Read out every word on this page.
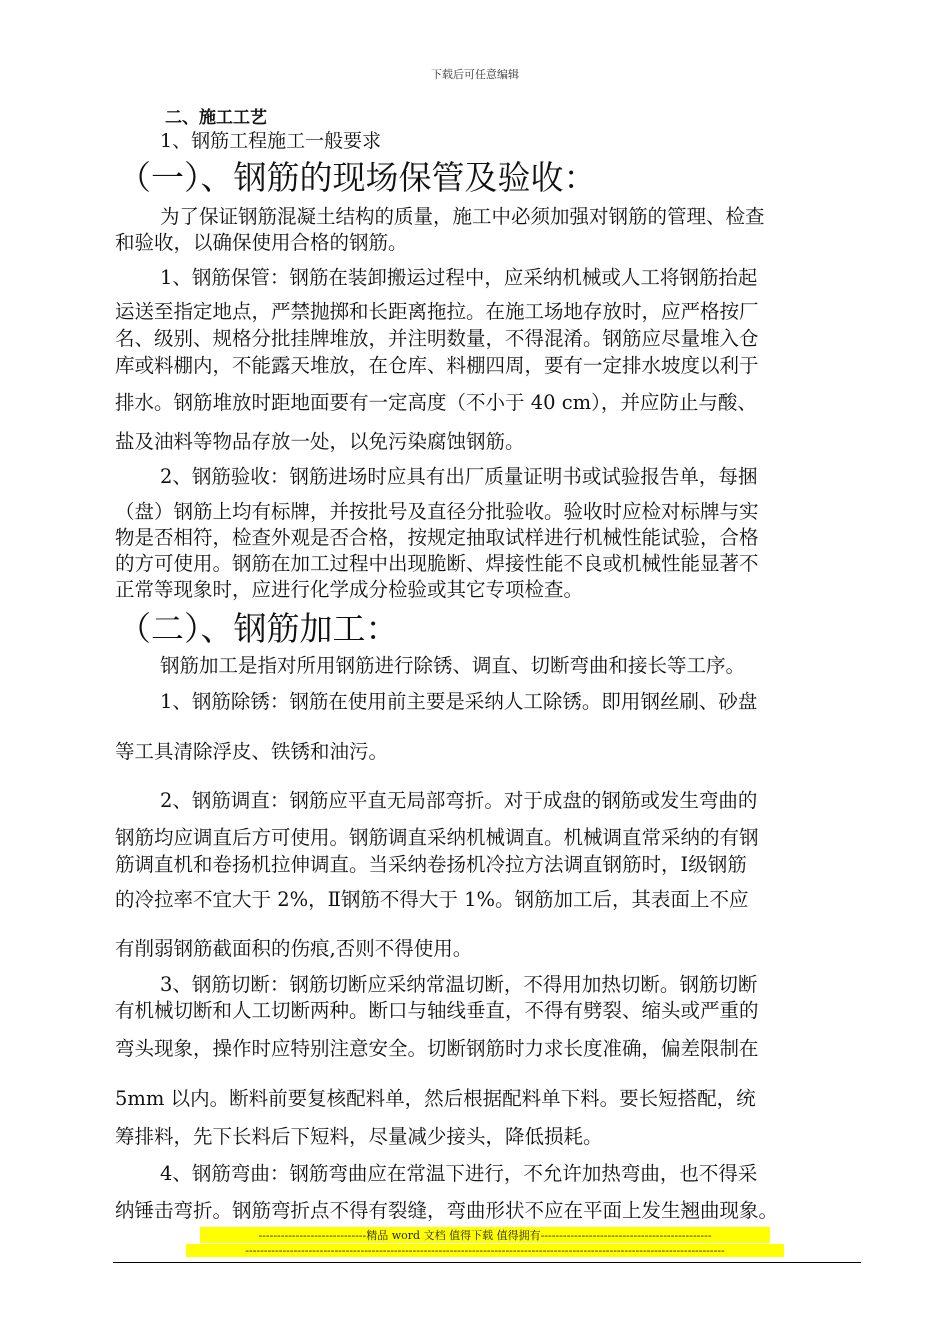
下载后可任意编辑
二、施工工艺
1、钢筋工程施工一般要求
（一）、钢筋的现场保管及验收：
为了保证钢筋混凝土结构的质量，施工中必须加强对钢筋的管理、检查
和验收，以确保使用合格的钢筋。
1、钢筋保管：钢筋在装卸搬运过程中，应采纳机械或人工将钢筋抬起
运送至指定地点，严禁抛掷和长距离拖拉。在施工场地存放时，应严格按厂
名、级别、规格分批挂牌堆放，并注明数量，不得混淆。钢筋应尽量堆入仓
库或料棚内，不能露天堆放，在仓库、料棚四周，要有一定排水坡度以利于
排水。钢筋堆放时距地面要有一定高度（不小于 40 cm），并应防止与酸、
盐及油料等物品存放一处，以免污染腐蚀钢筋。
2、钢筋验收：钢筋进场时应具有出厂质量证明书或试验报告单，每捆
（盘）钢筋上均有标牌，并按批号及直径分批验收。验收时应检对标牌与实
物是否相符，检查外观是否合格，按规定抽取试样进行机械性能试验，合格
的方可使用。钢筋在加工过程中出现脆断、焊接性能不良或机械性能显著不
正常等现象时，应进行化学成分检验或其它专项检查。
（二）、钢筋加工：
钢筋加工是指对所用钢筋进行除锈、调直、切断弯曲和接长等工序。
1、钢筋除锈：钢筋在使用前主要是采纳人工除锈。即用钢丝刷、砂盘
等工具清除浮皮、铁锈和油污。
2、钢筋调直：钢筋应平直无局部弯折。对于成盘的钢筋或发生弯曲的
钢筋均应调直后方可使用。钢筋调直采纳机械调直。机械调直常采纳的有钢
筋调直机和卷扬机拉伸调直。当采纳卷扬机冷拉方法调直钢筋时，Ⅰ级钢筋
的冷拉率不宜大于 2%，Ⅱ钢筋不得大于 1%。钢筋加工后，其表面上不应
有削弱钢筋截面积的伤痕,否则不得使用。
3、钢筋切断：钢筋切断应采纳常温切断，不得用加热切断。钢筋切断
有机械切断和人工切断两种。断口与轴线垂直，不得有劈裂、缩头或严重的
弯头现象，操作时应特别注意安全。切断钢筋时力求长度准确，偏差限制在
5mm 以内。断料前要复核配料单，然后根据配料单下料。要长短搭配，统
筹排料，先下长料后下短料，尽量减少接头，降低损耗。
4、钢筋弯曲：钢筋弯曲应在常温下进行，不允许加热弯曲，也不得采
纳锤击弯折。钢筋弯折点不得有裂缝，弯曲形状不应在平面上发生翘曲现象。
-----------------------------精品 word 文档 值得下载 值得拥有----------------------------------------------
---------------------------------------------------------------------------------------------------------------------------------
